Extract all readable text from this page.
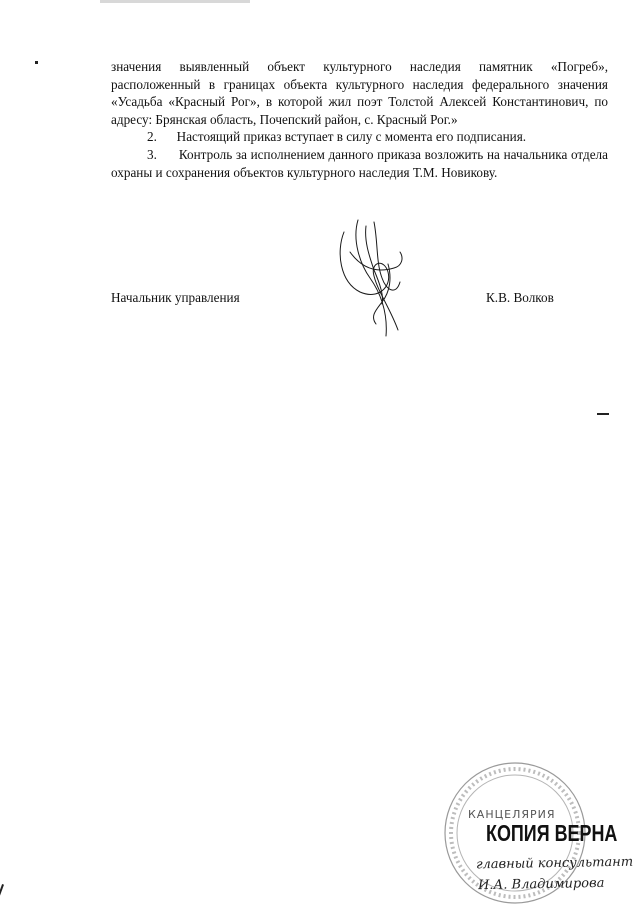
значения выявленный объект культурного наследия памятник «Погреб», расположенный в границах объекта культурного наследия федерального значения «Усадьба «Красный Рог», в которой жил поэт Толстой Алексей Константинович, по адресу: Брянская область, Почепский район, с. Красный Рог.»

2.      Настоящий приказ вступает в силу с момента его подписания.

3.      Контроль за исполнением данного приказа возложить на начальника отдела охраны и сохранения объектов культурного наследия Т.М. Новикову.

Начальник управления	К.В. Волков
КАНЦЕЛЯРИЯ
КОПИЯ ВЕРНА
главный консультант
И.А. Владимирова
